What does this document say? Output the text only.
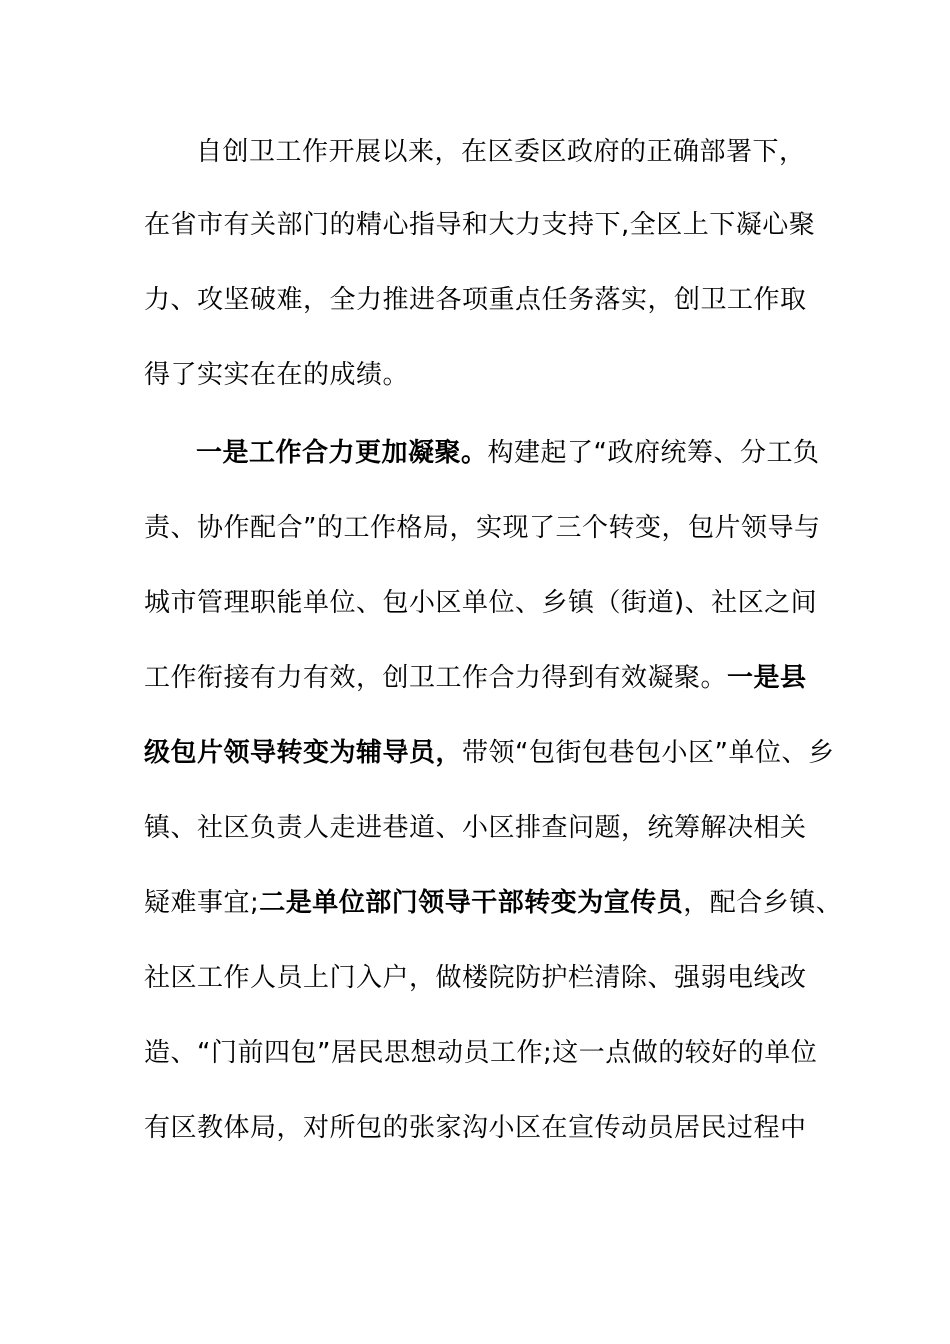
自创卫工作开展以来，在区委区政府的正确部署下，
在省市有关部门的精心指导和大力支持下,全区上下凝心聚
力、攻坚破难，全力推进各项重点任务落实，创卫工作取
得了实实在在的成绩。
一是工作合力更加凝聚。构建起了“政府统筹、分工负
责、协作配合”的工作格局，实现了三个转变，包片领导与
城市管理职能单位、包小区单位、乡镇（街道)、社区之间
工作衔接有力有效，创卫工作合力得到有效凝聚。一是县
级包片领导转变为辅导员，带领“包街包巷包小区”单位、乡
镇、社区负责人走进巷道、小区排查问题，统筹解决相关
疑难事宜;二是单位部门领导干部转变为宣传员，配合乡镇、
社区工作人员上门入户，做楼院防护栏清除、强弱电线改
造、“门前四包”居民思想动员工作;这一点做的较好的单位
有区教体局，对所包的张家沟小区在宣传动员居民过程中
